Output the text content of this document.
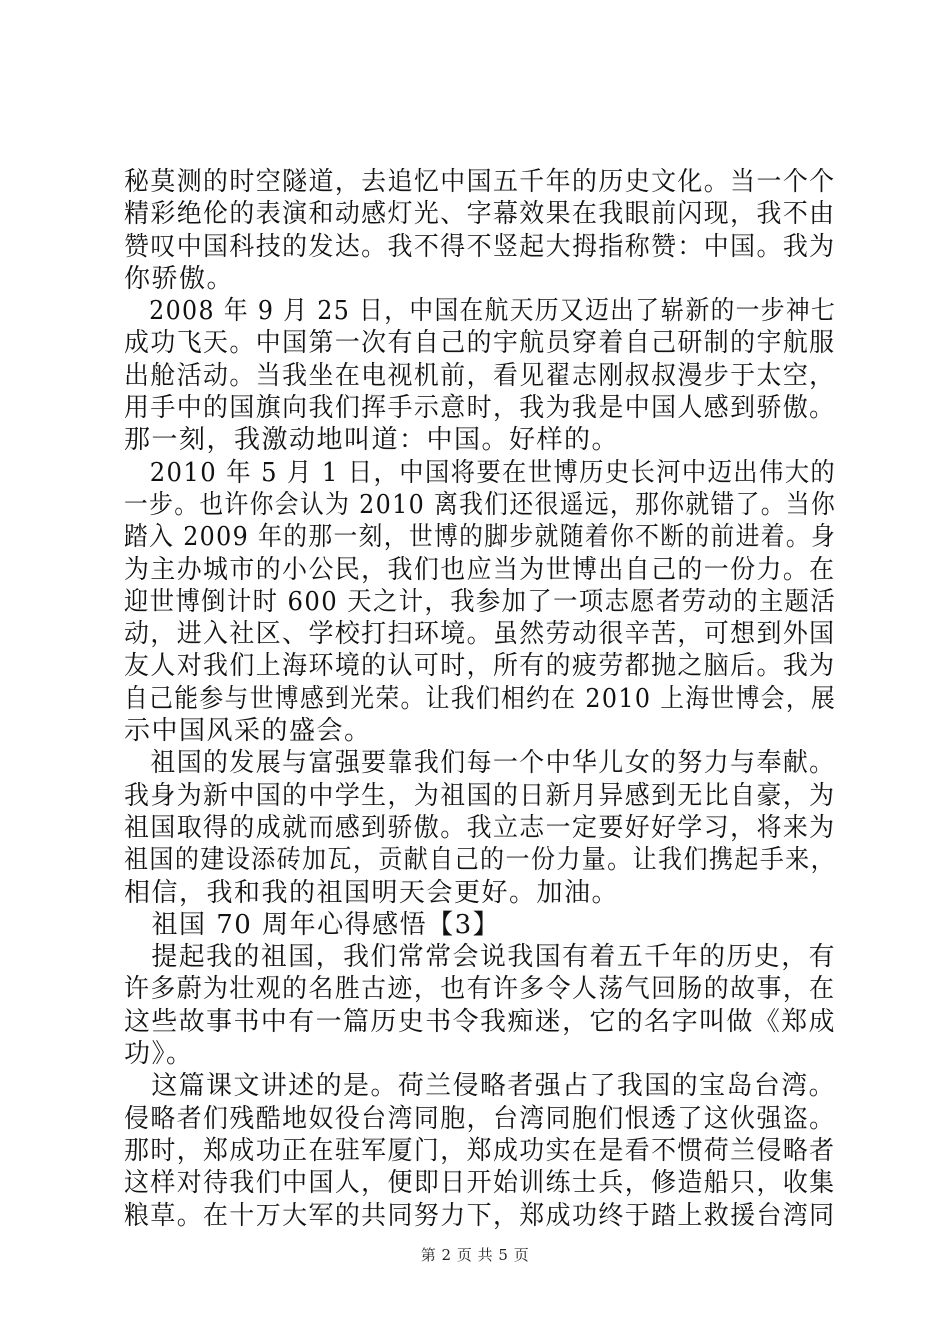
秘莫测的时空隧道，去追忆中国五千年的历史文化。当一个个
精彩绝伦的表演和动感灯光、字幕效果在我眼前闪现，我不由
赞叹中国科技的发达。我不得不竖起大拇指称赞：中国。我为
你骄傲。
　2008 年 9 月 25 日，中国在航天历又迈出了崭新的一步神七
成功飞天。中国第一次有自己的宇航员穿着自己研制的宇航服
出舱活动。当我坐在电视机前，看见翟志刚叔叔漫步于太空，
用手中的国旗向我们挥手示意时，我为我是中国人感到骄傲。
那一刻，我激动地叫道：中国。好样的。
　2010 年 5 月 1 日，中国将要在世博历史长河中迈出伟大的
一步。也许你会认为 2010 离我们还很遥远，那你就错了。当你
踏入 2009 年的那一刻，世博的脚步就随着你不断的前进着。身
为主办城市的小公民，我们也应当为世博出自己的一份力。在
迎世博倒计时 600 天之计，我参加了一项志愿者劳动的主题活
动，进入社区、学校打扫环境。虽然劳动很辛苦，可想到外国
友人对我们上海环境的认可时，所有的疲劳都抛之脑后。我为
自己能参与世博感到光荣。让我们相约在 2010 上海世博会，展
示中国风采的盛会。
　祖国的发展与富强要靠我们每一个中华儿女的努力与奉献。
我身为新中国的中学生，为祖国的日新月异感到无比自豪，为
祖国取得的成就而感到骄傲。我立志一定要好好学习，将来为
祖国的建设添砖加瓦，贡献自己的一份力量。让我们携起手来，
相信，我和我的祖国明天会更好。加油。
　祖国 70 周年心得感悟【3】
　提起我的祖国，我们常常会说我国有着五千年的历史，有
许多蔚为壮观的名胜古迹，也有许多令人荡气回肠的故事，在
这些故事书中有一篇历史书令我痴迷，它的名字叫做《郑成
功》。
　这篇课文讲述的是。荷兰侵略者强占了我国的宝岛台湾。
侵略者们残酷地奴役台湾同胞，台湾同胞们恨透了这伙强盗。
那时，郑成功正在驻军厦门，郑成功实在是看不惯荷兰侵略者
这样对待我们中国人，便即日开始训练士兵，修造船只，收集
粮草。在十万大军的共同努力下，郑成功终于踏上救援台湾同
第 2 页 共 5 页
